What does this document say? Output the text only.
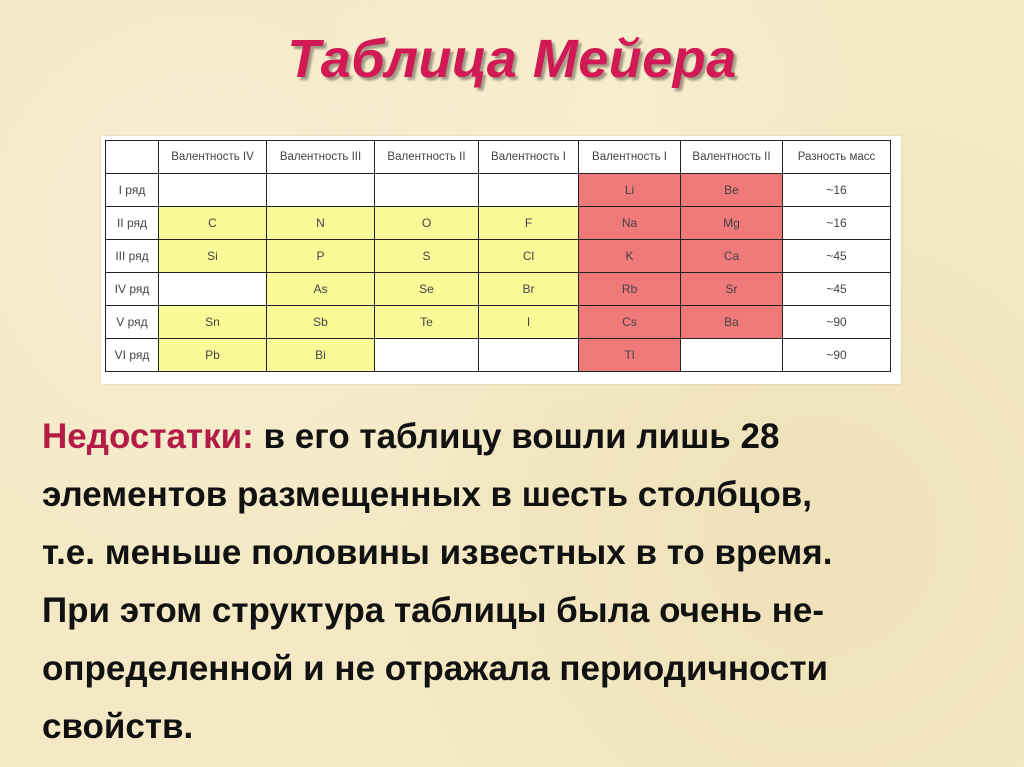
Таблица Мейера
	Валентность IV	Валентность III	Валентность II	Валентность I	Валентность I	Валентность II	Разность масс
I ряд					Li	Be	~16
II ряд	C	N	O	F	Na	Mg	~16
III ряд	Si	P	S	Cl	K	Ca	~45
IV ряд		As	Se	Br	Rb	Sr	~45
V ряд	Sn	Sb	Te	I	Cs	Ba	~90
VI ряд	Pb	Bi			Tl		~90
Недостатки: в его таблицу вошли лишь 28
элементов размещенных в шесть столбцов,
т.е. меньше половины известных в то время.
При этом структура таблицы была очень не-
определенной и не отражала периодичности
свойств.
